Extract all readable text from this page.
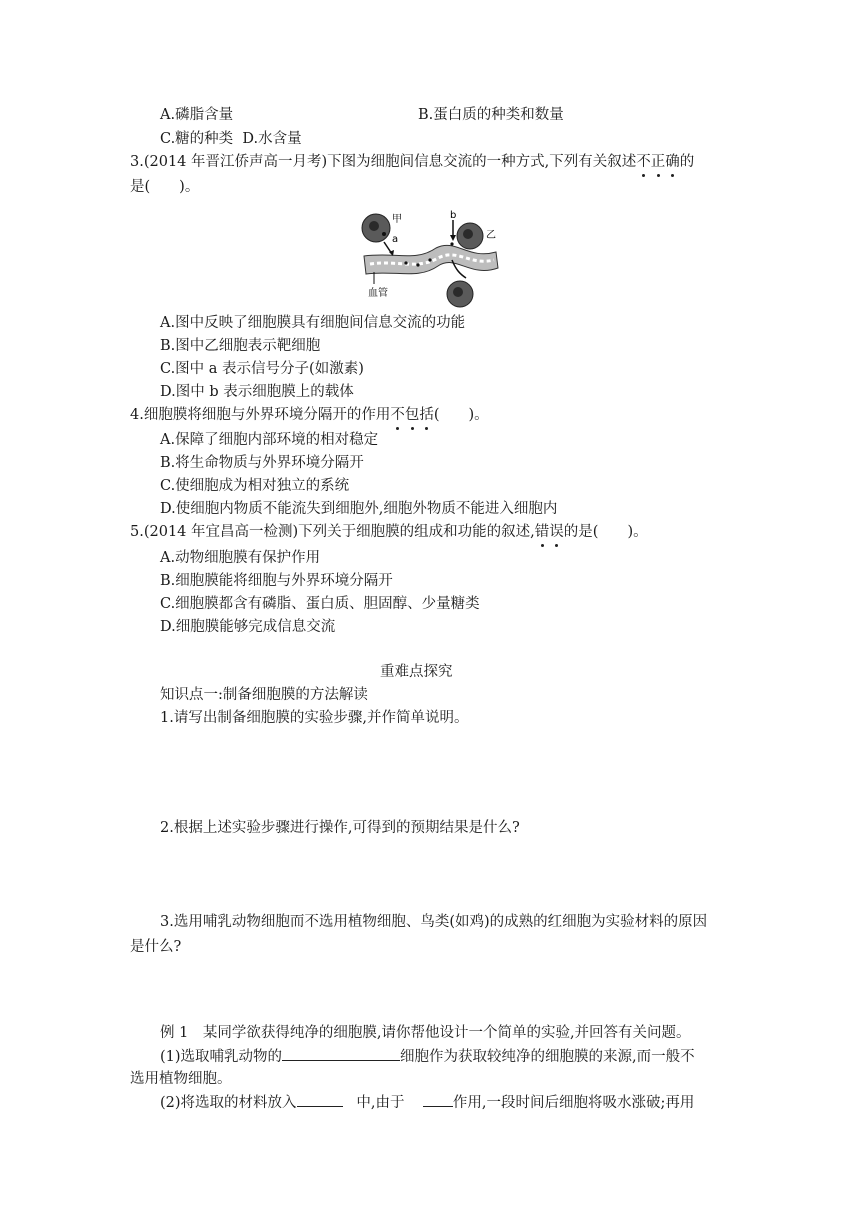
A.磷脂含量	B.蛋白质的种类和数量
C.糖的种类 D.水含量
3.(2014 年晋江侨声高一月考)下图为细胞间信息交流的一种方式,下列有关叙述不正确的
是(　　)。
甲
a
b
乙
血管
A.图中反映了细胞膜具有细胞间信息交流的功能
B.图中乙细胞表示靶细胞
C.图中 a 表示信号分子(如激素)
D.图中 b 表示细胞膜上的载体
4.细胞膜将细胞与外界环境分隔开的作用不包括(　　)。
A.保障了细胞内部环境的相对稳定
B.将生命物质与外界环境分隔开
C.使细胞成为相对独立的系统
D.使细胞内物质不能流失到细胞外,细胞外物质不能进入细胞内
5.(2014 年宜昌高一检测)下列关于细胞膜的组成和功能的叙述,错误的是(　　)。
A.动物细胞膜有保护作用
B.细胞膜能将细胞与外界环境分隔开
C.细胞膜都含有磷脂、蛋白质、胆固醇、少量糖类
D.细胞膜能够完成信息交流
重难点探究
知识点一:制备细胞膜的方法解读
1.请写出制备细胞膜的实验步骤,并作简单说明。
2.根据上述实验步骤进行操作,可得到的预期结果是什么?
3.选用哺乳动物细胞而不选用植物细胞、鸟类(如鸡)的成熟的红细胞为实验材料的原因
是什么?
例 1　某同学欲获得纯净的细胞膜,请你帮他设计一个简单的实验,并回答有关问题。
(1)选取哺乳动物的	细胞作为获取较纯净的细胞膜的来源,而一般不
选用植物细胞。
(2)将选取的材料放入	中,由于	作用,一段时间后细胞将吸水涨破;再用
